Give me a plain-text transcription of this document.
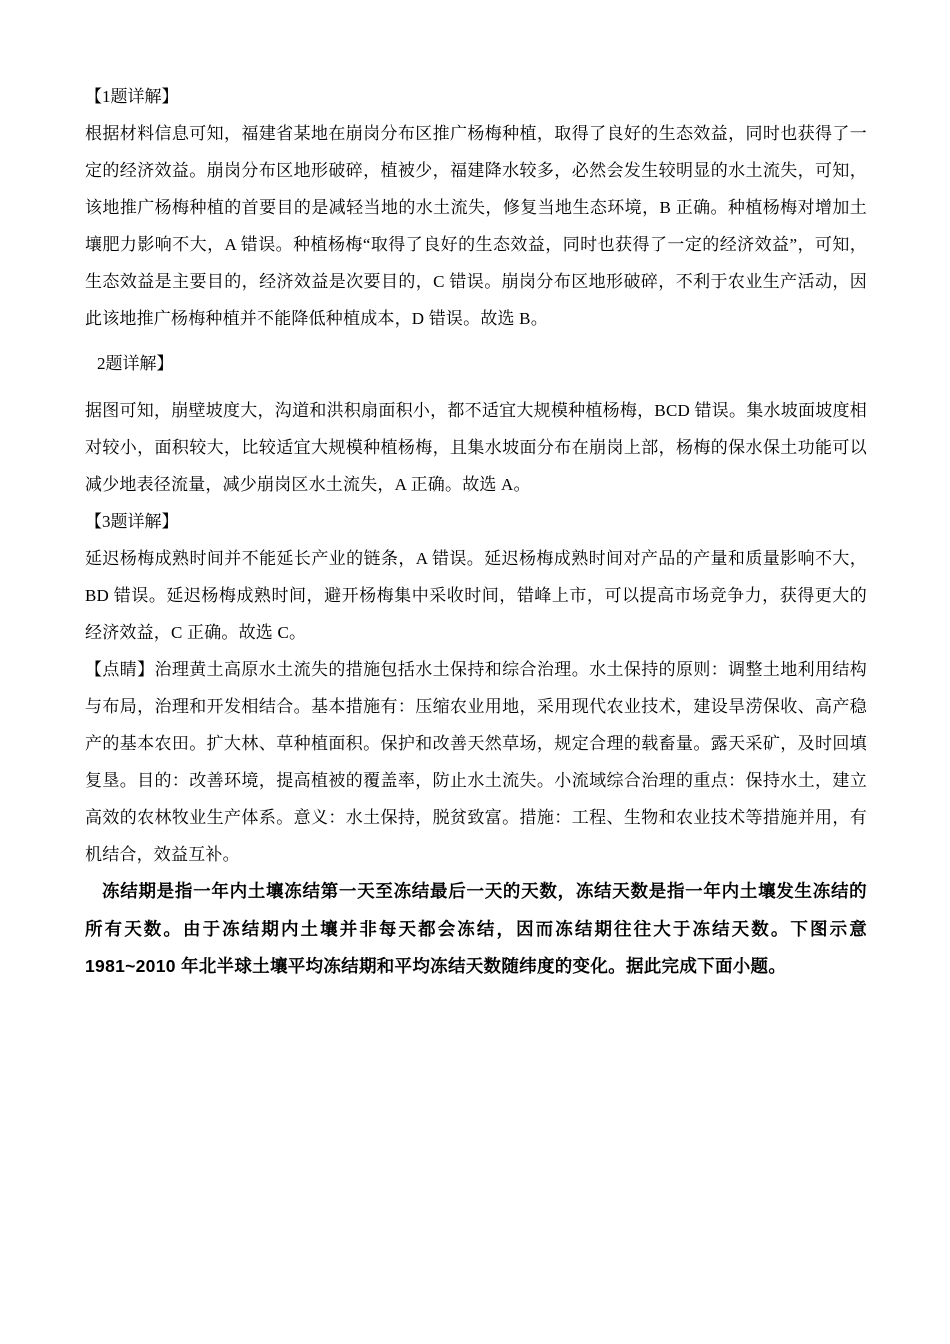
【1题详解】

根据材料信息可知，福建省某地在崩岗分布区推广杨梅种植，取得了良好的生态效益，同时也获得了一定的经济效益。崩岗分布区地形破碎，植被少，福建降水较多，必然会发生较明显的水土流失，可知，该地推广杨梅种植的首要目的是减轻当地的水土流失，修复当地生态环境，B 正确。种植杨梅对增加土壤肥力影响不大，A 错误。种植杨梅“取得了良好的生态效益，同时也获得了一定的经济效益”，可知，生态效益是主要目的，经济效益是次要目的，C 错误。崩岗分布区地形破碎，不利于农业生产活动，因此该地推广杨梅种植并不能降低种植成本，D 错误。故选 B。

2题详解】

据图可知，崩壁坡度大，沟道和洪积扇面积小，都不适宜大规模种植杨梅，BCD 错误。集水坡面坡度相对较小，面积较大，比较适宜大规模种植杨梅，且集水坡面分布在崩岗上部，杨梅的保水保土功能可以减少地表径流量，减少崩岗区水土流失，A 正确。故选 A。

【3题详解】

延迟杨梅成熟时间并不能延长产业的链条，A 错误。延迟杨梅成熟时间对产品的产量和质量影响不大，BD 错误。延迟杨梅成熟时间，避开杨梅集中采收时间，错峰上市，可以提高市场竞争力，获得更大的经济效益，C 正确。故选 C。

【点睛】治理黄土高原水土流失的措施包括水土保持和综合治理。水土保持的原则：调整土地利用结构与布局，治理和开发相结合。基本措施有：压缩农业用地，采用现代农业技术，建设旱涝保收、高产稳产的基本农田。扩大林、草种植面积。保护和改善天然草场，规定合理的载畜量。露天采矿，及时回填复垦。目的：改善环境，提高植被的覆盖率，防止水土流失。小流域综合治理的重点：保持水土，建立高效的农林牧业生产体系。意义：水土保持，脱贫致富。措施：工程、生物和农业技术等措施并用，有机结合，效益互补。

冻结期是指一年内土壤冻结第一天至冻结最后一天的天数，冻结天数是指一年内土壤发生冻结的所有天数。由于冻结期内土壤并非每天都会冻结，因而冻结期往往大于冻结天数。下图示意 1981~2010 年北半球土壤平均冻结期和平均冻结天数随纬度的变化。据此完成下面小题。
